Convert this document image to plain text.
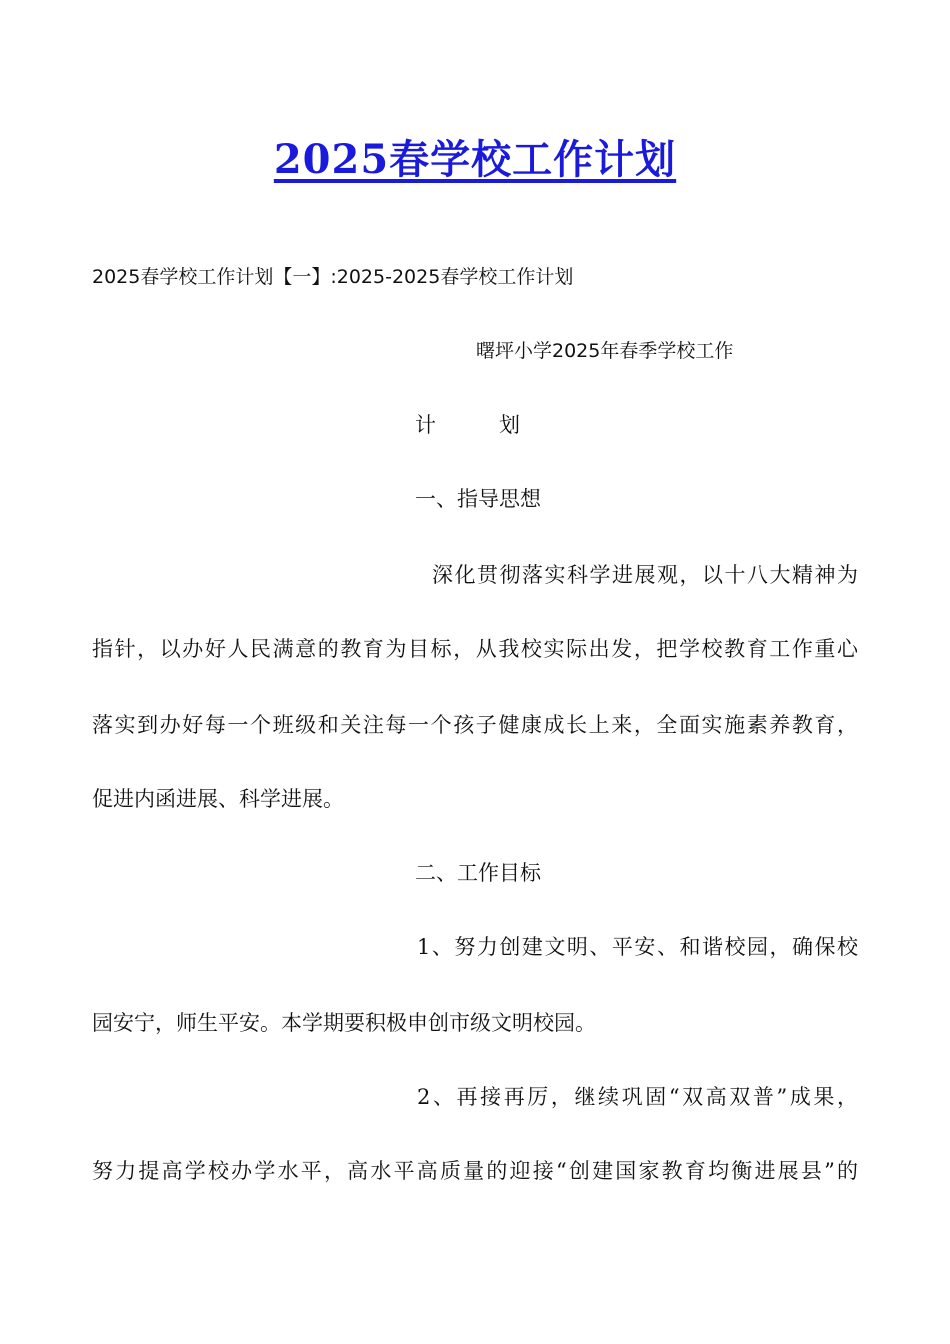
2025春学校工作计划
2025春学校工作计划【一】:2025-2025春学校工作计划
曙坪小学2025年春季学校工作
计　　　划
一、指导思想
深化贯彻落实科学进展观，以十八大精神为
指针，以办好人民满意的教育为目标，从我校实际出发，把学校教育工作重心
落实到办好每一个班级和关注每一个孩子健康成长上来，全面实施素养教育，
促进内函进展、科学进展。
二、工作目标
1、努力创建文明、平安、和谐校园，确保校
园安宁，师生平安。本学期要积极申创市级文明校园。
2、再接再厉，继续巩固“双高双普”成果，
努力提高学校办学水平，高水平高质量的迎接“创建国家教育均衡进展县”的
